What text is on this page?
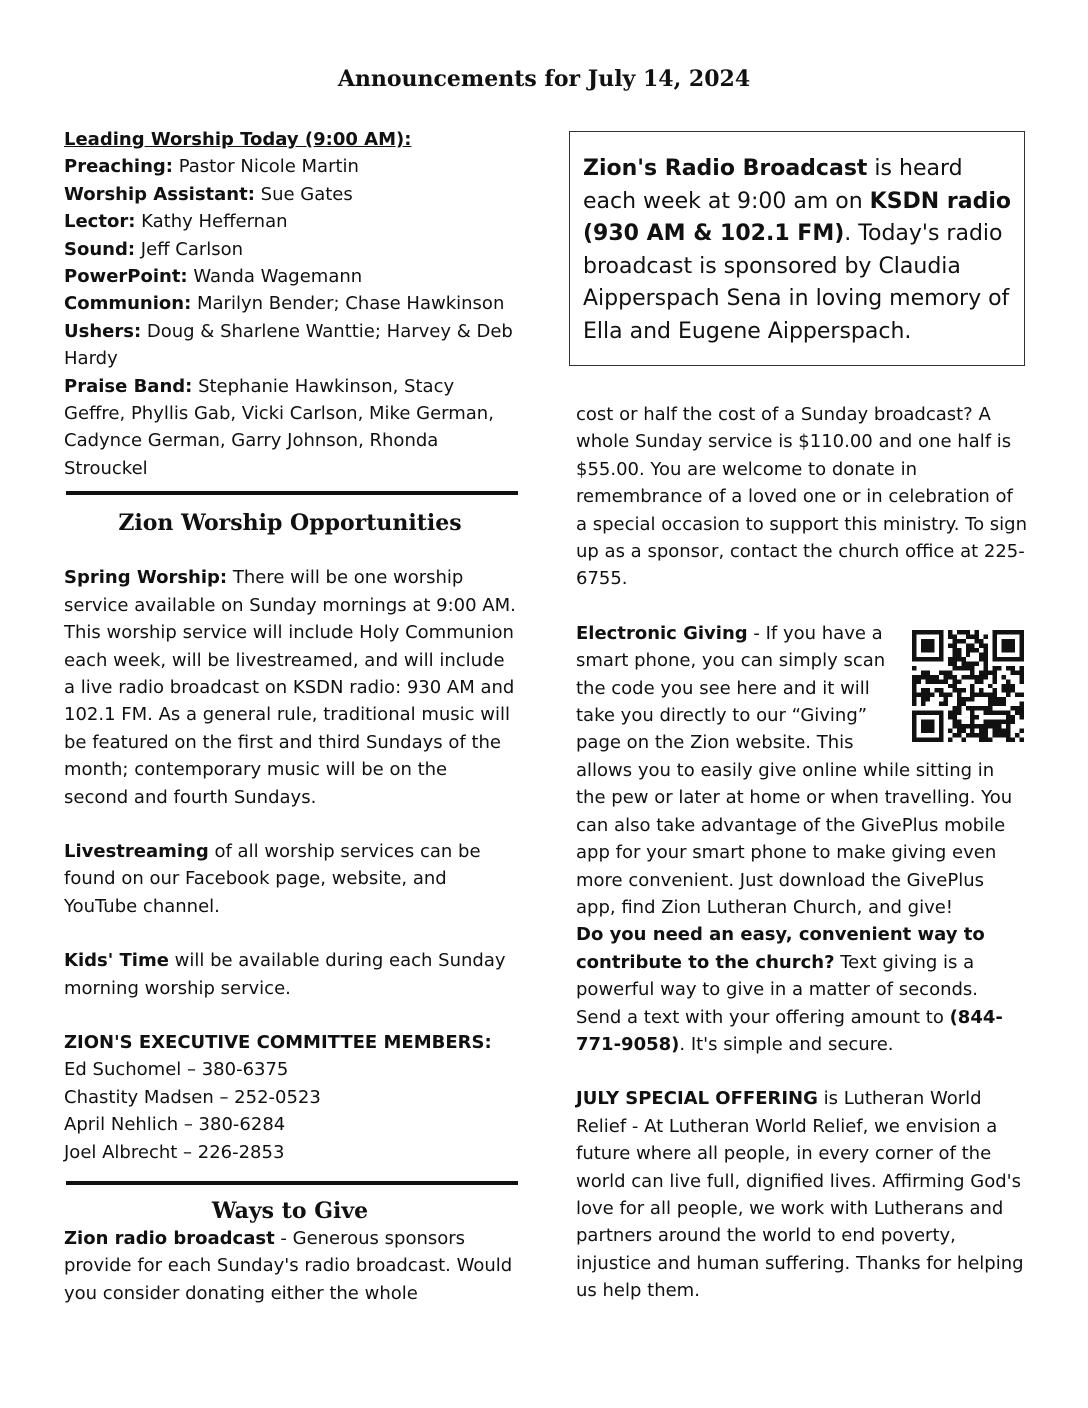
Announcements for July 14, 2024

Leading Worship Today (9:00 AM):

Preaching: Pastor Nicole Martin

Worship Assistant: Sue Gates

Lector: Kathy Heffernan

Sound: Jeff Carlson

PowerPoint: Wanda Wagemann

Communion: Marilyn Bender; Chase Hawkinson

Ushers: Doug & Sharlene Wanttie; Harvey & Deb Hardy

Praise Band: Stephanie Hawkinson, Stacy Geffre, Phyllis Gab, Vicki Carlson, Mike German, Cadynce German, Garry Johnson, Rhonda Strouckel

Zion Worship Opportunities

Spring Worship: There will be one worship service available on Sunday mornings at 9:00 AM. This worship service will include Holy Communion each week, will be livestreamed, and will include a live radio broadcast on KSDN radio: 930 AM and 102.1 FM. As a general rule, traditional music will be featured on the first and third Sundays of the month; contemporary music will be on the second and fourth Sundays.

Livestreaming of all worship services can be found on our Facebook page, website, and YouTube channel.

Kids' Time will be available during each Sunday morning worship service.

ZION'S EXECUTIVE COMMITTEE MEMBERS:

Ed Suchomel – 380-6375

Chastity Madsen – 252-0523

April Nehlich – 380-6284

Joel Albrecht – 226-2853

Ways to Give

Zion radio broadcast - Generous sponsors provide for each Sunday's radio broadcast. Would you consider donating either the whole

Zion's Radio Broadcast is heard each week at 9:00 am on KSDN radio (930 AM & 102.1 FM). Today's radio broadcast is sponsored by Claudia Aipperspach Sena in loving memory of Ella and Eugene Aipperspach.

cost or half the cost of a Sunday broadcast? A whole Sunday service is $110.00 and one half is $55.00. You are welcome to donate in remembrance of a loved one or in celebration of a special occasion to support this ministry. To sign up as a sponsor, contact the church office at 225-6755.

Electronic Giving - If you have a smart phone, you can simply scan the code you see here and it will take you directly to our “Giving” page on the Zion website. This allows you to easily give online while sitting in the pew or later at home or when travelling. You can also take advantage of the GivePlus mobile app for your smart phone to make giving even more convenient. Just download the GivePlus app, find Zion Lutheran Church, and give!

Do you need an easy, convenient way to contribute to the church? Text giving is a powerful way to give in a matter of seconds. Send a text with your offering amount to (844-771-9058). It's simple and secure.

JULY SPECIAL OFFERING is Lutheran World Relief - At Lutheran World Relief, we envision a future where all people, in every corner of the world can live full, dignified lives. Affirming God's love for all people, we work with Lutherans and partners around the world to end poverty, injustice and human suffering. Thanks for helping us help them.
